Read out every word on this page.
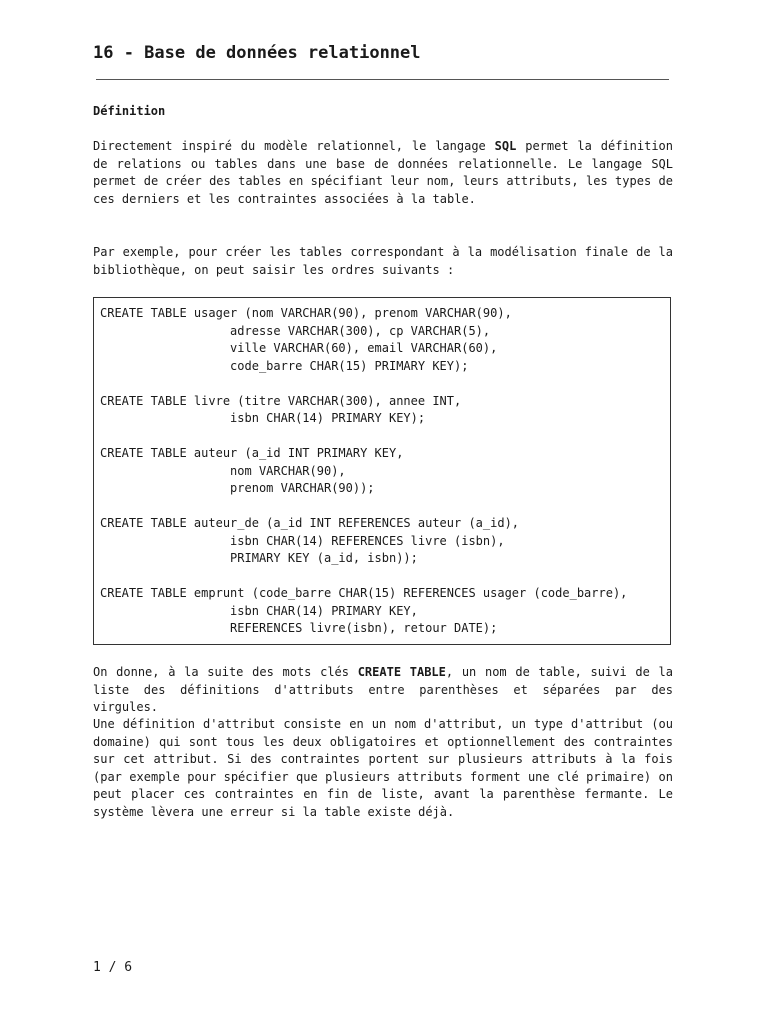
16 - Base de données relationnel
Définition

Directement inspiré du modèle relationnel, le langage SQL permet la définition de relations ou tables dans une base de données relationnelle. Le langage SQL permet de créer des tables en spécifiant leur nom, leurs attributs, les types de ces derniers et les contraintes associées à la table.

Par exemple, pour créer les tables correspondant à la modélisation finale de la bibliothèque, on peut saisir les ordres suivants :

CREATE TABLE usager (nom VARCHAR(90), prenom VARCHAR(90),
adresse VARCHAR(300), cp VARCHAR(5),
ville VARCHAR(60), email VARCHAR(60),
code_barre CHAR(15) PRIMARY KEY);
CREATE TABLE livre (titre VARCHAR(300), annee INT,
isbn CHAR(14) PRIMARY KEY);
CREATE TABLE auteur (a_id INT PRIMARY KEY,
nom VARCHAR(90),
prenom VARCHAR(90));
CREATE TABLE auteur_de (a_id INT REFERENCES auteur (a_id),
isbn CHAR(14) REFERENCES livre (isbn),
PRIMARY KEY (a_id, isbn));
CREATE TABLE emprunt (code_barre CHAR(15) REFERENCES usager (code_barre),
isbn CHAR(14) PRIMARY KEY,
REFERENCES livre(isbn), retour DATE);

On donne, à la suite des mots clés CREATE TABLE, un nom de table, suivi de la liste des définitions d'attributs entre parenthèses et séparées par des virgules.

Une définition d'attribut consiste en un nom d'attribut, un type d'attribut (ou domaine) qui sont tous les deux obligatoires et optionnellement des contraintes sur cet attribut. Si des contraintes portent sur plusieurs attributs à la fois (par exemple pour spécifier que plusieurs attributs forment une clé primaire) on peut placer ces contraintes en fin de liste, avant la parenthèse fermante. Le système lèvera une erreur si la table existe déjà.

1 / 6
